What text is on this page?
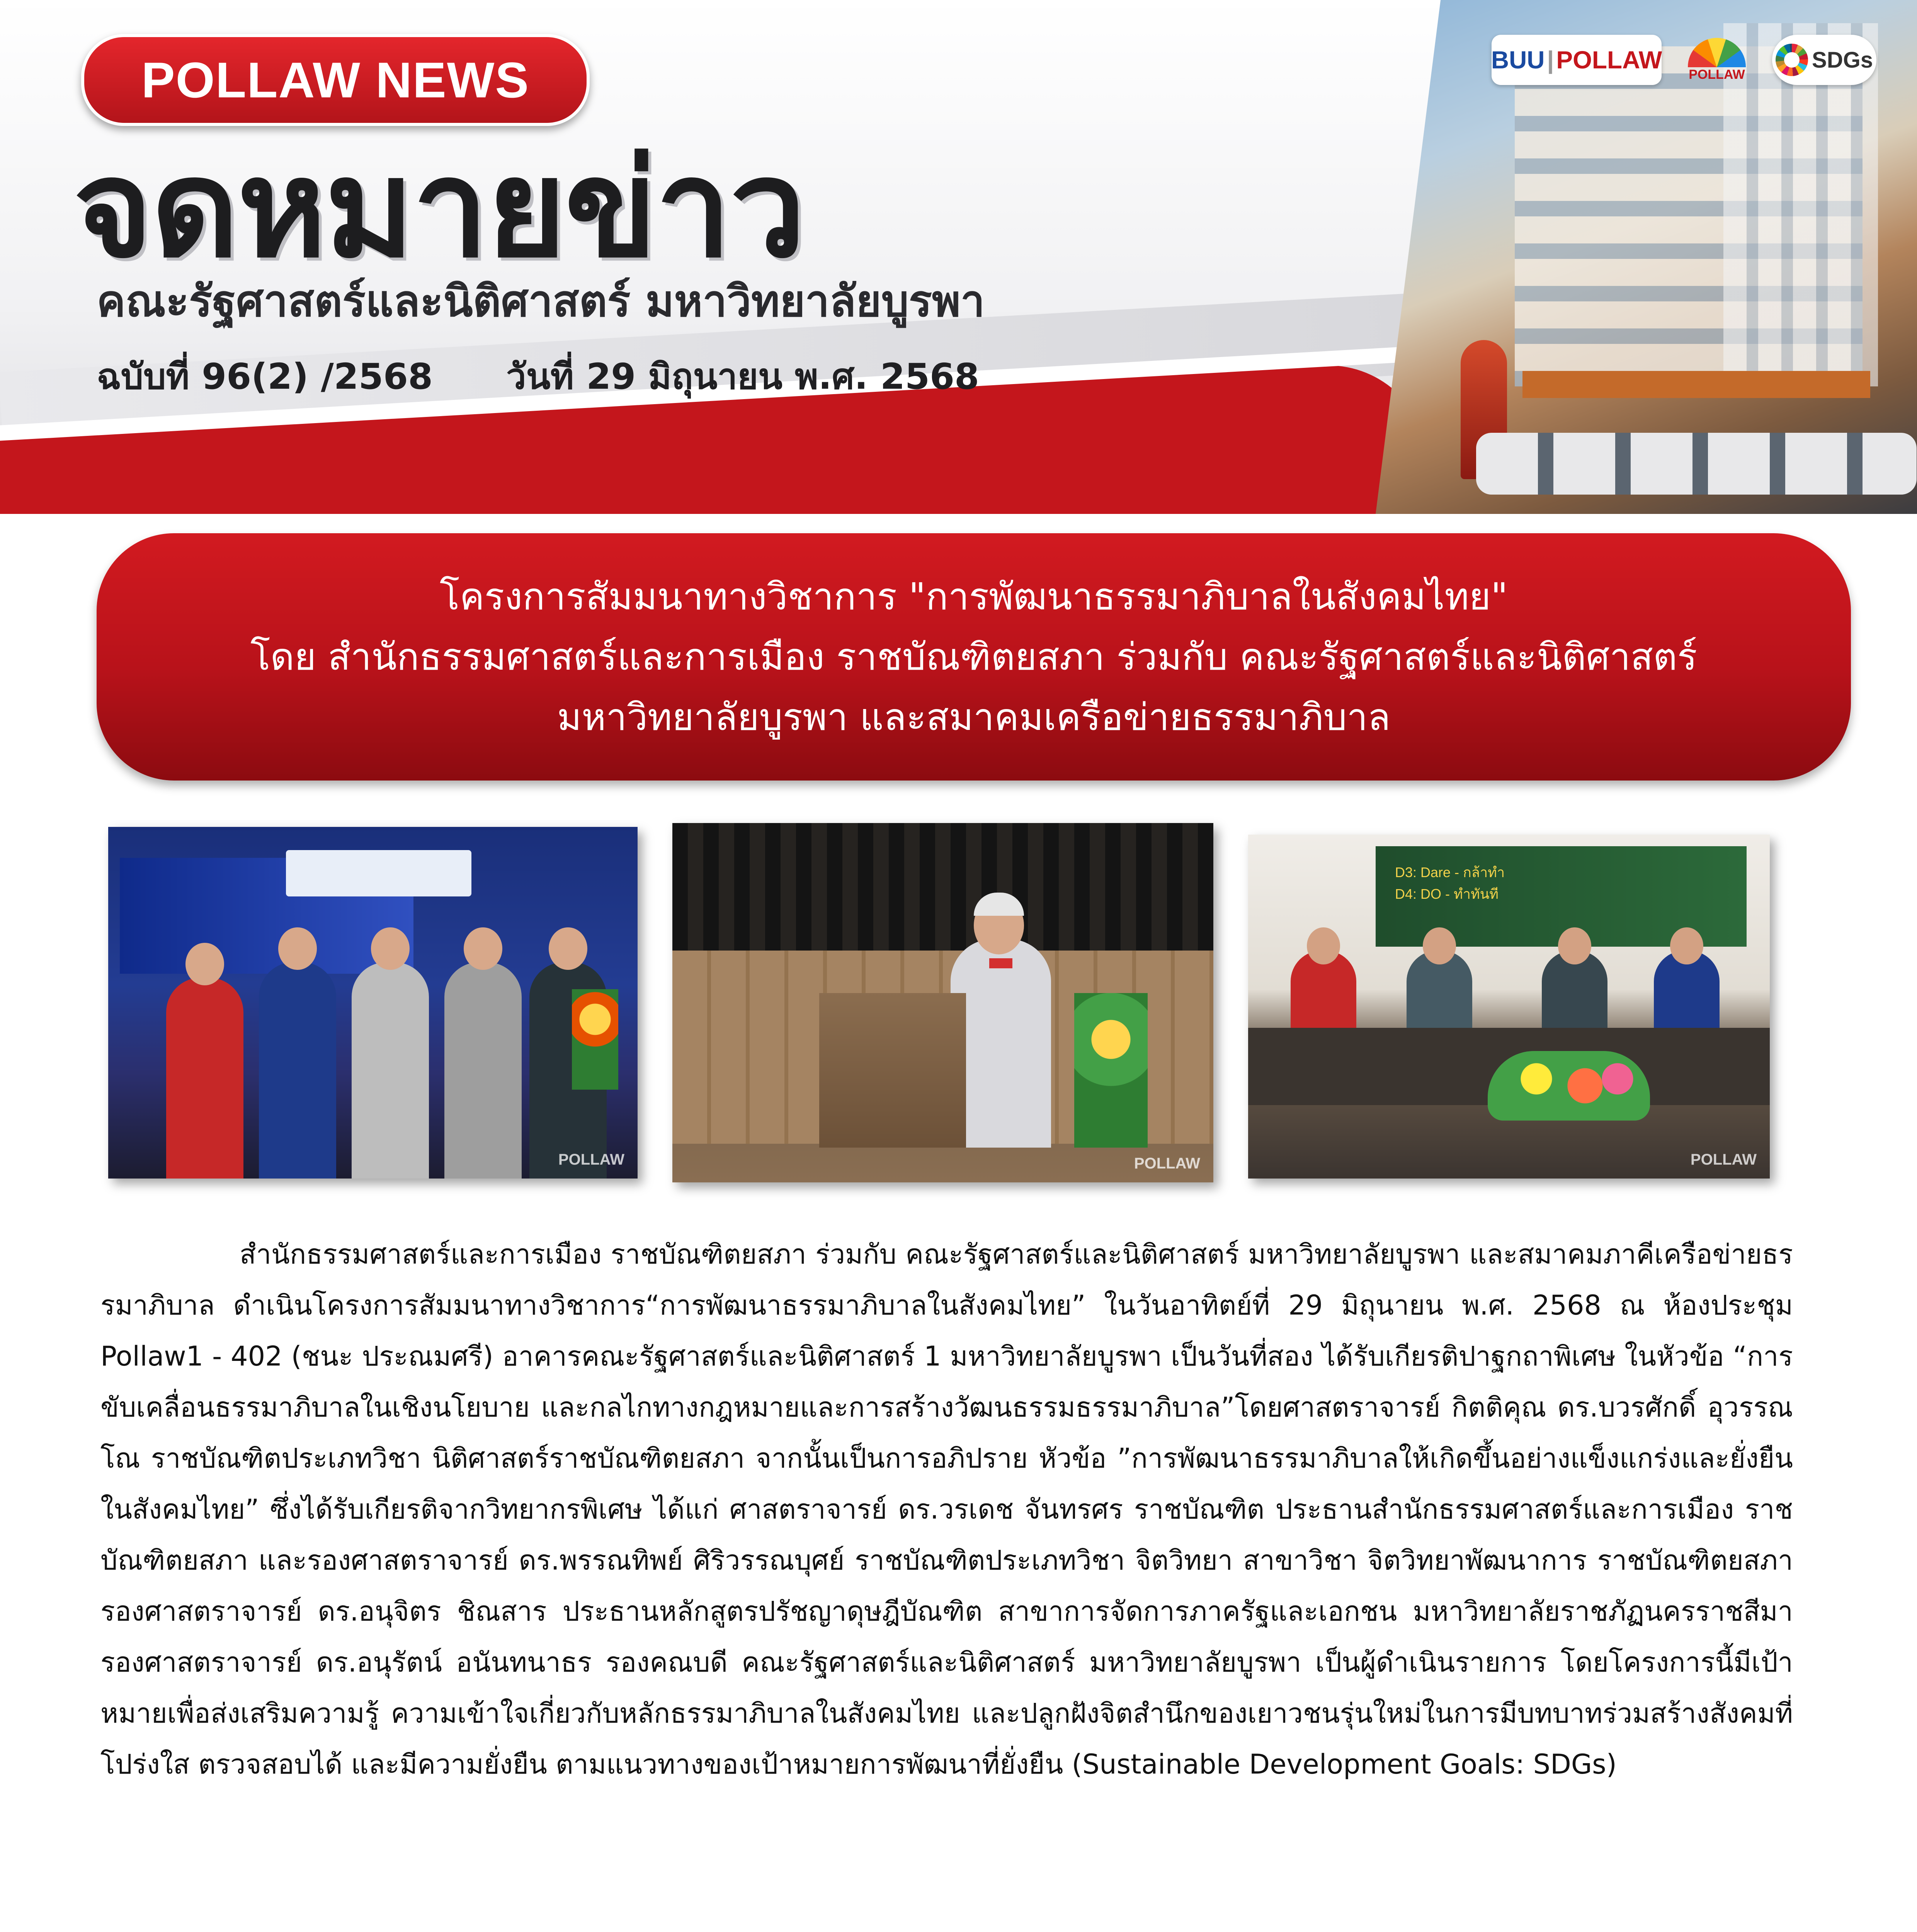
POLLAW NEWS
จดหมายข่าว
คณะรัฐศาสตร์และนิติศาสตร์ มหาวิทยาลัยบูรพา
ฉบับที่ 96(2) /2568 วันที่ 29 มิถุนายน พ.ศ. 2568
BUU | POLLAW
POLLAW
SDGs
โครงการสัมมนาทางวิชาการ "การพัฒนาธรรมาภิบาลในสังคมไทย"
โดย สำนักธรรมศาสตร์และการเมือง ราชบัณฑิตยสภา ร่วมกับ คณะรัฐศาสตร์และนิติศาสตร์
มหาวิทยาลัยบูรพา และสมาคมเครือข่ายธรรมาภิบาล
POLLAW	POLLAW
D3: Dare - กล้าทำ
D4: DO - ทำทันที
POLLAW

สำนักธรรมศาสตร์และการเมือง ราชบัณฑิตยสภา ร่วมกับ คณะรัฐศาสตร์และนิติศาสตร์ มหาวิทยาลัยบูรพา และสมาคมภาคีเครือข่ายธรรมาภิบาล ดำเนินโครงการสัมมนาทางวิชาการ“การพัฒนาธรรมาภิบาลในสังคมไทย” ในวันอาทิตย์ที่ 29 มิถุนายน พ.ศ. 2568 ณ ห้องประชุม Pollaw1 - 402 (ชนะ ประณมศรี) อาคารคณะรัฐศาสตร์และนิติศาสตร์ 1 มหาวิทยาลัยบูรพา เป็นวันที่สอง ได้รับเกียรติปาฐกถาพิเศษ ในหัวข้อ “การขับเคลื่อนธรรมาภิบาลในเชิงนโยบาย และกลไกทางกฎหมายและการสร้างวัฒนธรรมธรรมาภิบาล”โดยศาสตราจารย์ กิตติคุณ ดร.บวรศักดิ์ อุวรรณโณ ราชบัณฑิตประเภทวิชา นิติศาสตร์ราชบัณฑิตยสภา จากนั้นเป็นการอภิปราย หัวข้อ ”การพัฒนาธรรมาภิบาลให้เกิดขึ้นอย่างแข็งแกร่งและยั่งยืนในสังคมไทย” ซึ่งได้รับเกียรติจากวิทยากรพิเศษ ได้แก่ ศาสตราจารย์ ดร.วรเดช จันทรศร ราชบัณฑิต ประธานสำนักธรรมศาสตร์และการเมือง ราชบัณฑิตยสภา และรองศาสตราจารย์ ดร.พรรณทิพย์ ศิริวรรณบุศย์ ราชบัณฑิตประเภทวิชา จิตวิทยา สาขาวิชา จิตวิทยาพัฒนาการ ราชบัณฑิตยสภา รองศาสตราจารย์ ดร.อนุจิตร ชิณสาร ประธานหลักสูตรปรัชญาดุษฎีบัณฑิต สาขาการจัดการภาครัฐและเอกชน มหาวิทยาลัยราชภัฏนครราชสีมา รองศาสตราจารย์ ดร.อนุรัตน์ อนันทนาธร รองคณบดี คณะรัฐศาสตร์และนิติศาสตร์ มหาวิทยาลัยบูรพา เป็นผู้ดำเนินรายการ โดยโครงการนี้มีเป้าหมายเพื่อส่งเสริมความรู้ ความเข้าใจเกี่ยวกับหลักธรรมาภิบาลในสังคมไทย และปลูกฝังจิตสำนึกของเยาวชนรุ่นใหม่ในการมีบทบาทร่วมสร้างสังคมที่โปร่งใส ตรวจสอบได้ และมีความยั่งยืน ตามแนวทางของเป้าหมายการพัฒนาที่ยั่งยืน (Sustainable Development Goals: SDGs)
